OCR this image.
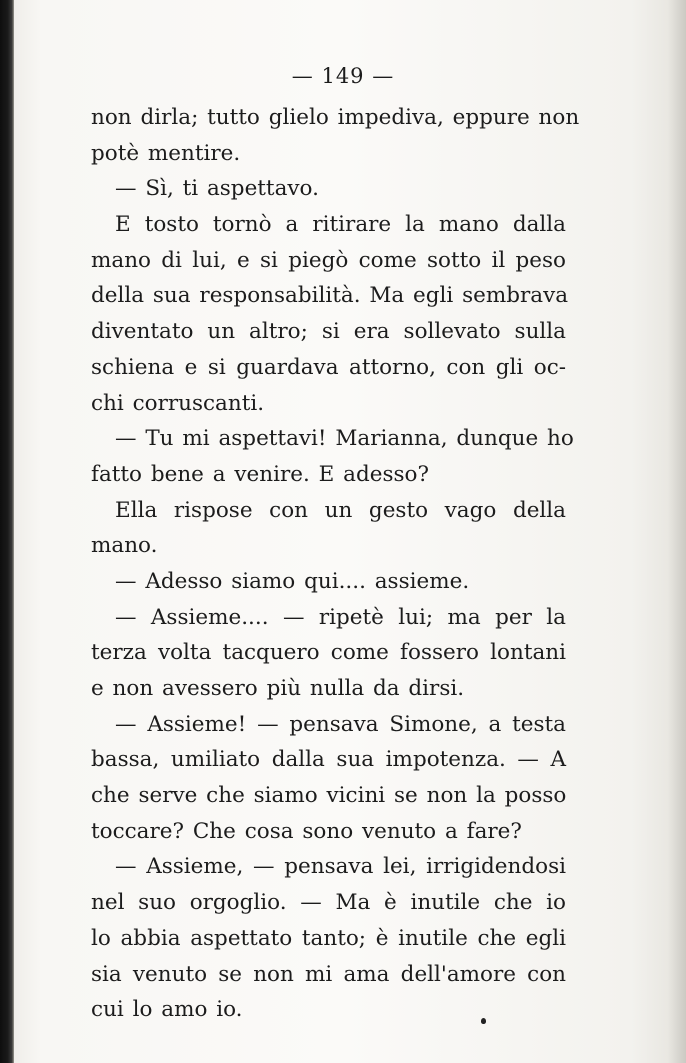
— 149 —
non dirla; tutto glielo impediva, eppure non
potè mentire.
— Sì, ti aspettavo.
E tosto tornò a ritirare la mano dalla
mano di lui, e si piegò come sotto il peso
della sua responsabilità. Ma egli sembrava
diventato un altro; si era sollevato sulla
schiena e si guardava attorno, con gli oc-
chi corruscanti.
— Tu mi aspettavi! Marianna, dunque ho
fatto bene a venire. E adesso?
Ella rispose con un gesto vago della
mano.
— Adesso siamo qui.... assieme.
— Assieme.... — ripetè lui; ma per la
terza volta tacquero come fossero lontani
e non avessero più nulla da dirsi.
— Assieme! — pensava Simone, a testa
bassa, umiliato dalla sua impotenza. — A
che serve che siamo vicini se non la posso
toccare? Che cosa sono venuto a fare?
— Assieme, — pensava lei, irrigidendosi
nel suo orgoglio. — Ma è inutile che io
lo abbia aspettato tanto; è inutile che egli
sia venuto se non mi ama dell'amore con
cui lo amo io.
